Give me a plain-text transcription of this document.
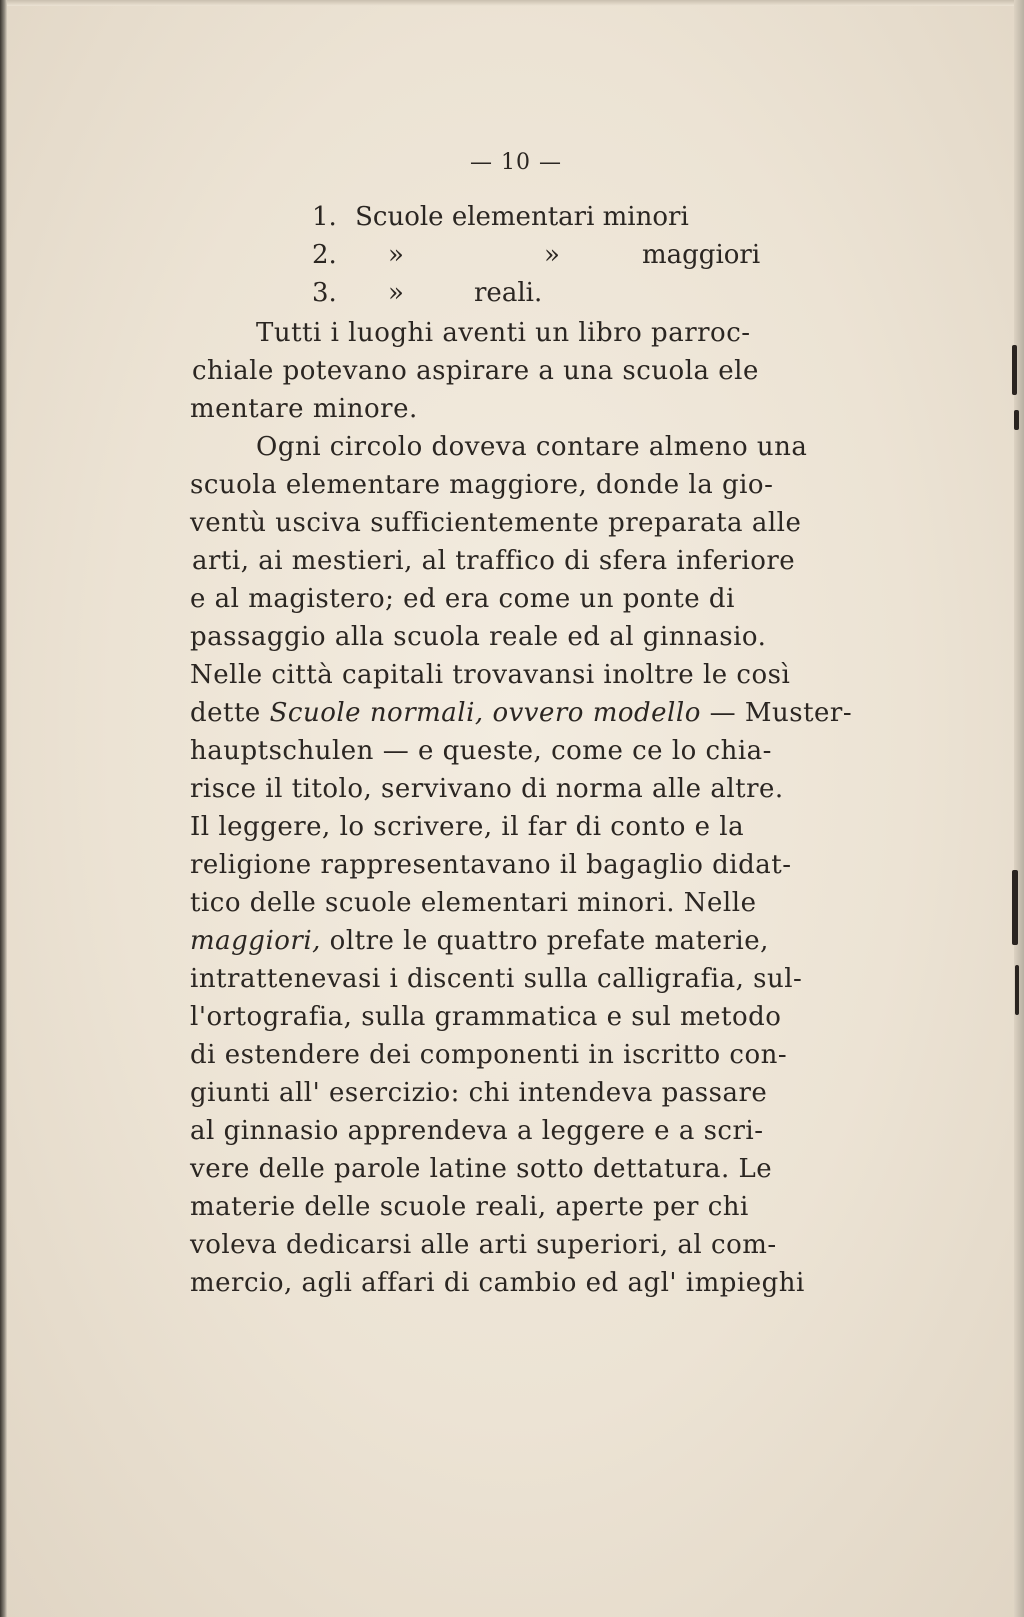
— 10 —
1. Scuole elementari minori
2. »	»	maggiori
3. »	reali.
Tutti i luoghi aventi un libro parroc-
chiale potevano aspirare a una scuola ele
mentare minore.
Ogni circolo doveva contare almeno una
scuola elementare maggiore, donde la gio-
ventù usciva sufficientemente preparata alle
arti, ai mestieri, al traffico di sfera inferiore
e al magistero; ed era come un ponte di
passaggio alla scuola reale ed al ginnasio.
Nelle città capitali trovavansi inoltre le così
dette Scuole normali, ovvero modello — Muster-
hauptschulen — e queste, come ce lo chia-
risce il titolo, servivano di norma alle altre.
Il leggere, lo scrivere, il far di conto e la
religione rappresentavano il bagaglio didat-
tico delle scuole elementari minori. Nelle
maggiori, oltre le quattro prefate materie,
intrattenevasi i discenti sulla calligrafia, sul-
l'ortografia, sulla grammatica e sul metodo
di estendere dei componenti in iscritto con-
giunti all' esercizio: chi intendeva passare
al ginnasio apprendeva a leggere e a scri-
vere delle parole latine sotto dettatura. Le
materie delle scuole reali, aperte per chi
voleva dedicarsi alle arti superiori, al com-
mercio, agli affari di cambio ed agl' impieghi
